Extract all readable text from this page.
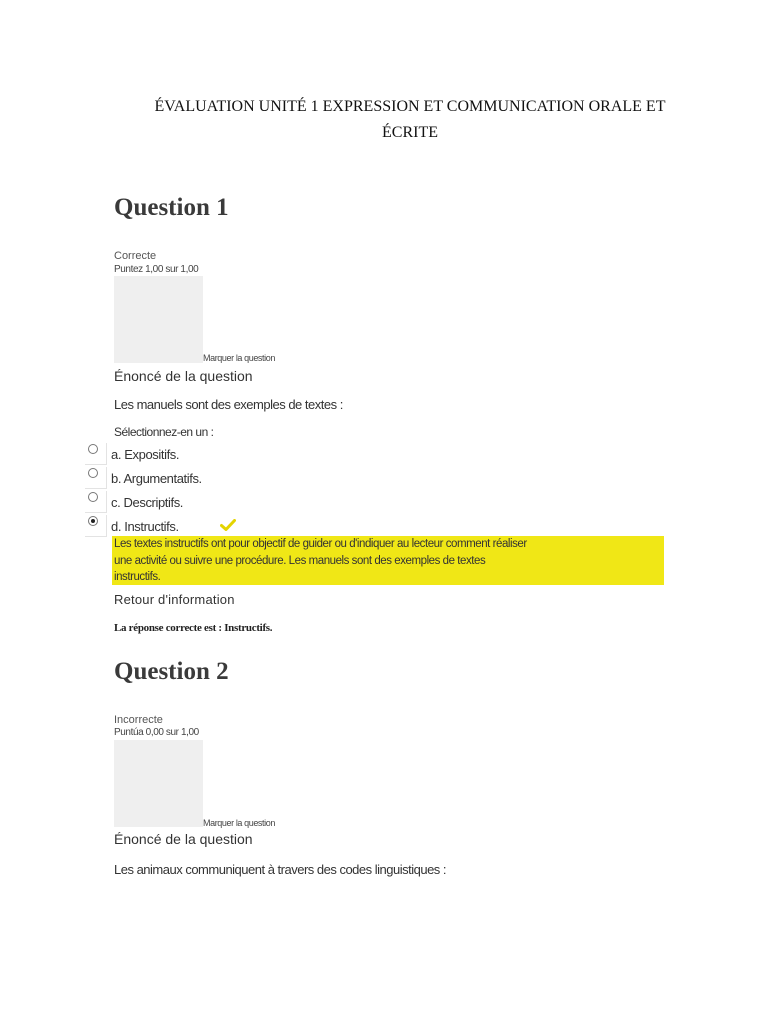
ÉVALUATION UNITÉ 1 EXPRESSION ET COMMUNICATION ORALE ET
ÉCRITE
Question 1
Correcte
Puntez 1,00 sur 1,00
Marquer la question
Énoncé de la question
Les manuels sont des exemples de textes :
Sélectionnez-en un :
a. Expositifs.
b. Argumentatifs.
c. Descriptifs.
d. Instructifs.
Les textes instructifs ont pour objectif de guider ou d'indiquer au lecteur comment réaliser
une activité ou suivre une procédure. Les manuels sont des exemples de textes
instructifs.
Retour d'information
La réponse correcte est : Instructifs.
Question 2
Incorrecte
Puntúa 0,00 sur 1,00
Marquer la question
Énoncé de la question
Les animaux communiquent à travers des codes linguistiques :
